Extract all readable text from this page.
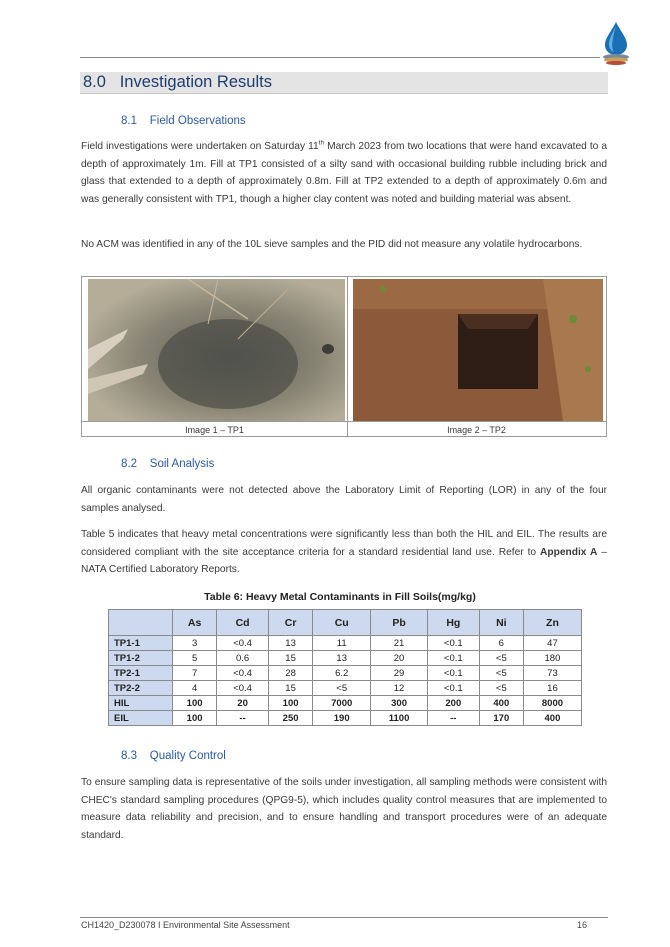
8.0 Investigation Results
8.1 Field Observations

Field investigations were undertaken on Saturday 11th March 2023 from two locations that were hand excavated to a depth of approximately 1m. Fill at TP1 consisted of a silty sand with occasional building rubble including brick and glass that extended to a depth of approximately 0.8m. Fill at TP2 extended to a depth of approximately 0.6m and was generally consistent with TP1, though a higher clay content was noted and building material was absent.

No ACM was identified in any of the 10L sieve samples and the PID did not measure any volatile hydrocarbons.

Image 1 – TP1	Image 2 – TP2
8.2 Soil Analysis

All organic contaminants were not detected above the Laboratory Limit of Reporting (LOR) in any of the four samples analysed.

Table 5 indicates that heavy metal concentrations were significantly less than both the HIL and EIL. The results are considered compliant with the site acceptance criteria for a standard residential land use. Refer to Appendix A – NATA Certified Laboratory Reports.

Table 6: Heavy Metal Contaminants in Fill Soils(mg/kg)
	As	Cd	Cr	Cu	Pb	Hg	Ni	Zn
TP1-1	3	<0.4	13	11	21	<0.1	6	47
TP1-2	5	0.6	15	13	20	<0.1	<5	180
TP2-1	7	<0.4	28	6.2	29	<0.1	<5	73
TP2-2	4	<0.4	15	<5	12	<0.1	<5	16
HIL	100	20	100	7000	300	200	400	8000
EIL	100	--	250	190	1100	--	170	400
8.3 Quality Control

To ensure sampling data is representative of the soils under investigation, all sampling methods were consistent with CHEC's standard sampling procedures (QPG9-5), which includes quality control measures that are implemented to measure data reliability and precision, and to ensure handling and transport procedures were of an adequate standard.

CH1420_D230078 I Environmental Site Assessment	16
